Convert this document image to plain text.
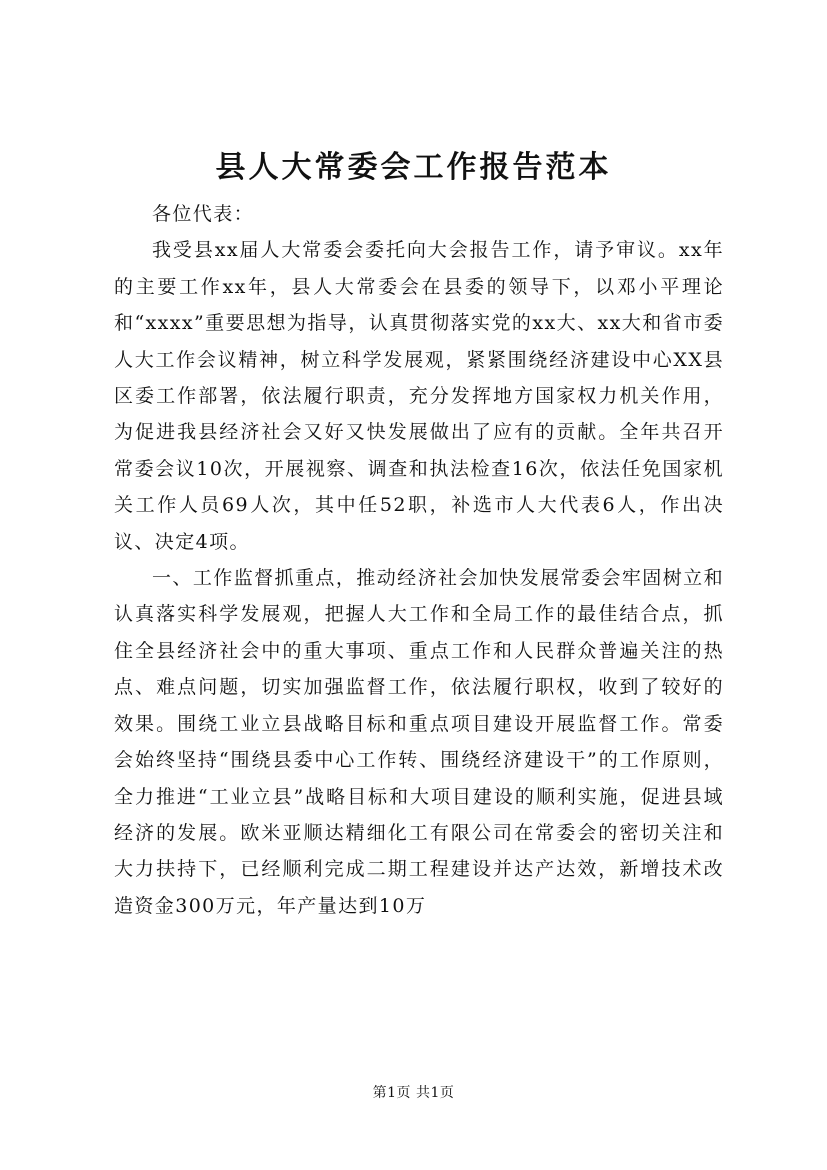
县人大常委会工作报告范本

各位代表：

我受县xx届人大常委会委托向大会报告工作，请予审议。xx年的主要工作xx年，县人大常委会在县委的领导下，以邓小平理论和“xxxx”重要思想为指导，认真贯彻落实党的xx大、xx大和省市委人大工作会议精神，树立科学发展观，紧紧围绕经济建设中心XX县区委工作部署，依法履行职责，充分发挥地方国家权力机关作用，为促进我县经济社会又好又快发展做出了应有的贡献。全年共召开常委会议10次，开展视察、调查和执法检查16次，依法任免国家机关工作人员69人次，其中任52职，补选市人大代表6人，作出决议、决定4项。

一、工作监督抓重点，推动经济社会加快发展常委会牢固树立和认真落实科学发展观，把握人大工作和全局工作的最佳结合点，抓住全县经济社会中的重大事项、重点工作和人民群众普遍关注的热点、难点问题，切实加强监督工作，依法履行职权，收到了较好的效果。围绕工业立县战略目标和重点项目建设开展监督工作。常委会始终坚持“围绕县委中心工作转、围绕经济建设干”的工作原则，全力推进“工业立县”战略目标和大项目建设的顺利实施，促进县域经济的发展。欧米亚顺达精细化工有限公司在常委会的密切关注和大力扶持下，已经顺利完成二期工程建设并达产达效，新增技术改造资金300万元，年产量达到10万

第1页 共1页
